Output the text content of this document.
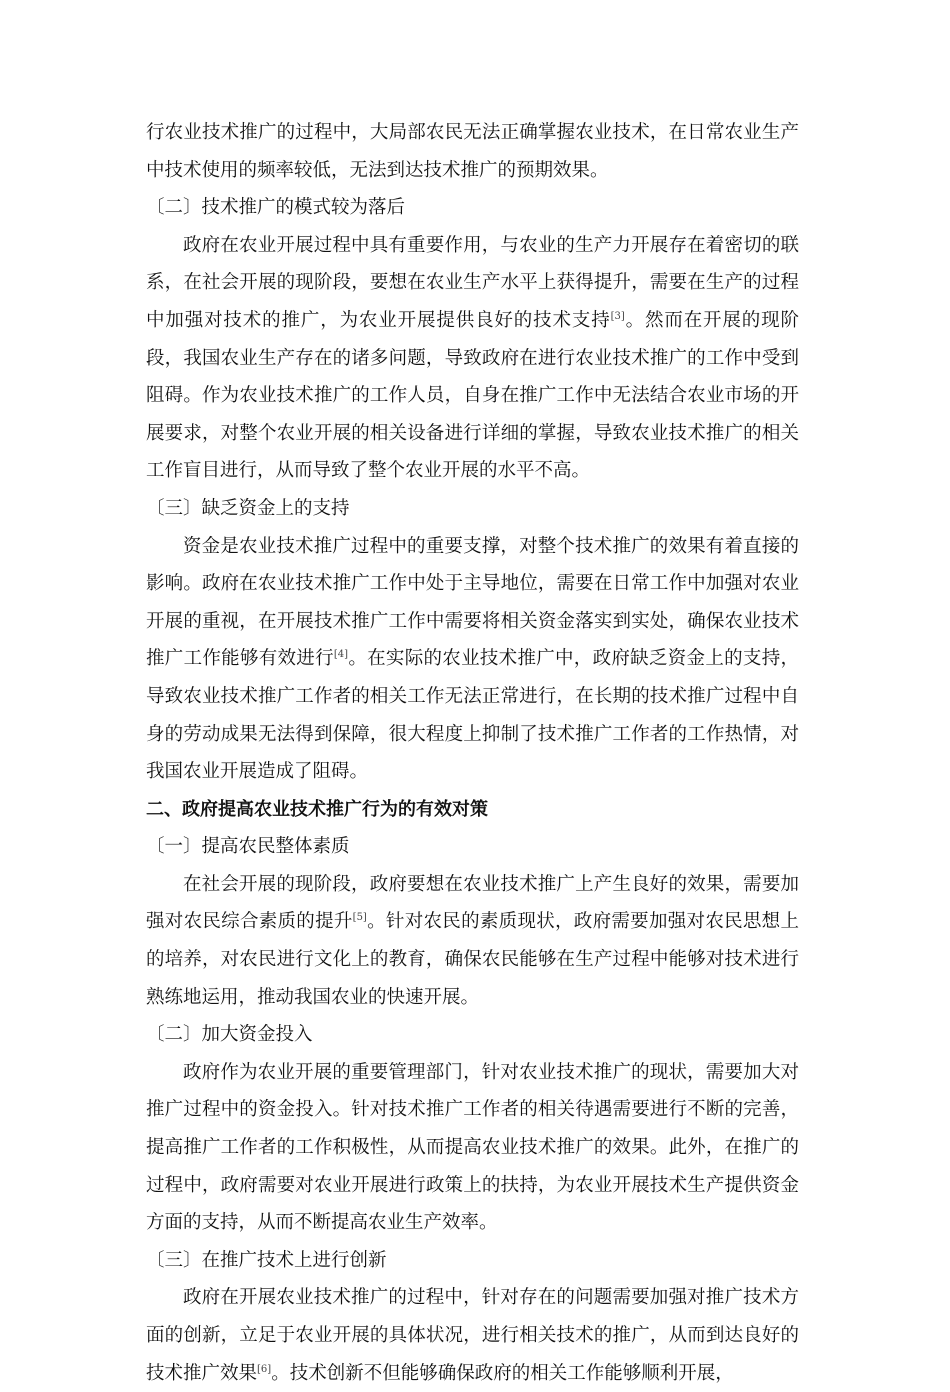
行农业技术推广的过程中，大局部农民无法正确掌握农业技术，在日常农业生产中技术使用的频率较低，无法到达技术推广的预期效果。

〔二〕技术推广的模式较为落后

政府在农业开展过程中具有重要作用，与农业的生产力开展存在着密切的联系，在社会开展的现阶段，要想在农业生产水平上获得提升，需要在生产的过程中加强对技术的推广，为农业开展提供良好的技术支持[3]。然而在开展的现阶段，我国农业生产存在的诸多问题，导致政府在进行农业技术推广的工作中受到阻碍。作为农业技术推广的工作人员，自身在推广工作中无法结合农业市场的开展要求，对整个农业开展的相关设备进行详细的掌握，导致农业技术推广的相关工作盲目进行，从而导致了整个农业开展的水平不高。

〔三〕缺乏资金上的支持

资金是农业技术推广过程中的重要支撑，对整个技术推广的效果有着直接的影响。政府在农业技术推广工作中处于主导地位，需要在日常工作中加强对农业开展的重视，在开展技术推广工作中需要将相关资金落实到实处，确保农业技术推广工作能够有效进行[4]。在实际的农业技术推广中，政府缺乏资金上的支持，导致农业技术推广工作者的相关工作无法正常进行，在长期的技术推广过程中自身的劳动成果无法得到保障，很大程度上抑制了技术推广工作者的工作热情，对我国农业开展造成了阻碍。

二、政府提高农业技术推广行为的有效对策

〔一〕提高农民整体素质

在社会开展的现阶段，政府要想在农业技术推广上产生良好的效果，需要加强对农民综合素质的提升[5]。针对农民的素质现状，政府需要加强对农民思想上的培养，对农民进行文化上的教育，确保农民能够在生产过程中能够对技术进行熟练地运用，推动我国农业的快速开展。

〔二〕加大资金投入

政府作为农业开展的重要管理部门，针对农业技术推广的现状，需要加大对推广过程中的资金投入。针对技术推广工作者的相关待遇需要进行不断的完善，提高推广工作者的工作积极性，从而提高农业技术推广的效果。此外，在推广的过程中，政府需要对农业开展进行政策上的扶持，为农业开展技术生产提供资金方面的支持，从而不断提高农业生产效率。

〔三〕在推广技术上进行创新

政府在开展农业技术推广的过程中，针对存在的问题需要加强对推广技术方面的创新，立足于农业开展的具体状况，进行相关技术的推广，从而到达良好的技术推广效果[6]。技术创新不但能够确保政府的相关工作能够顺利开展，
